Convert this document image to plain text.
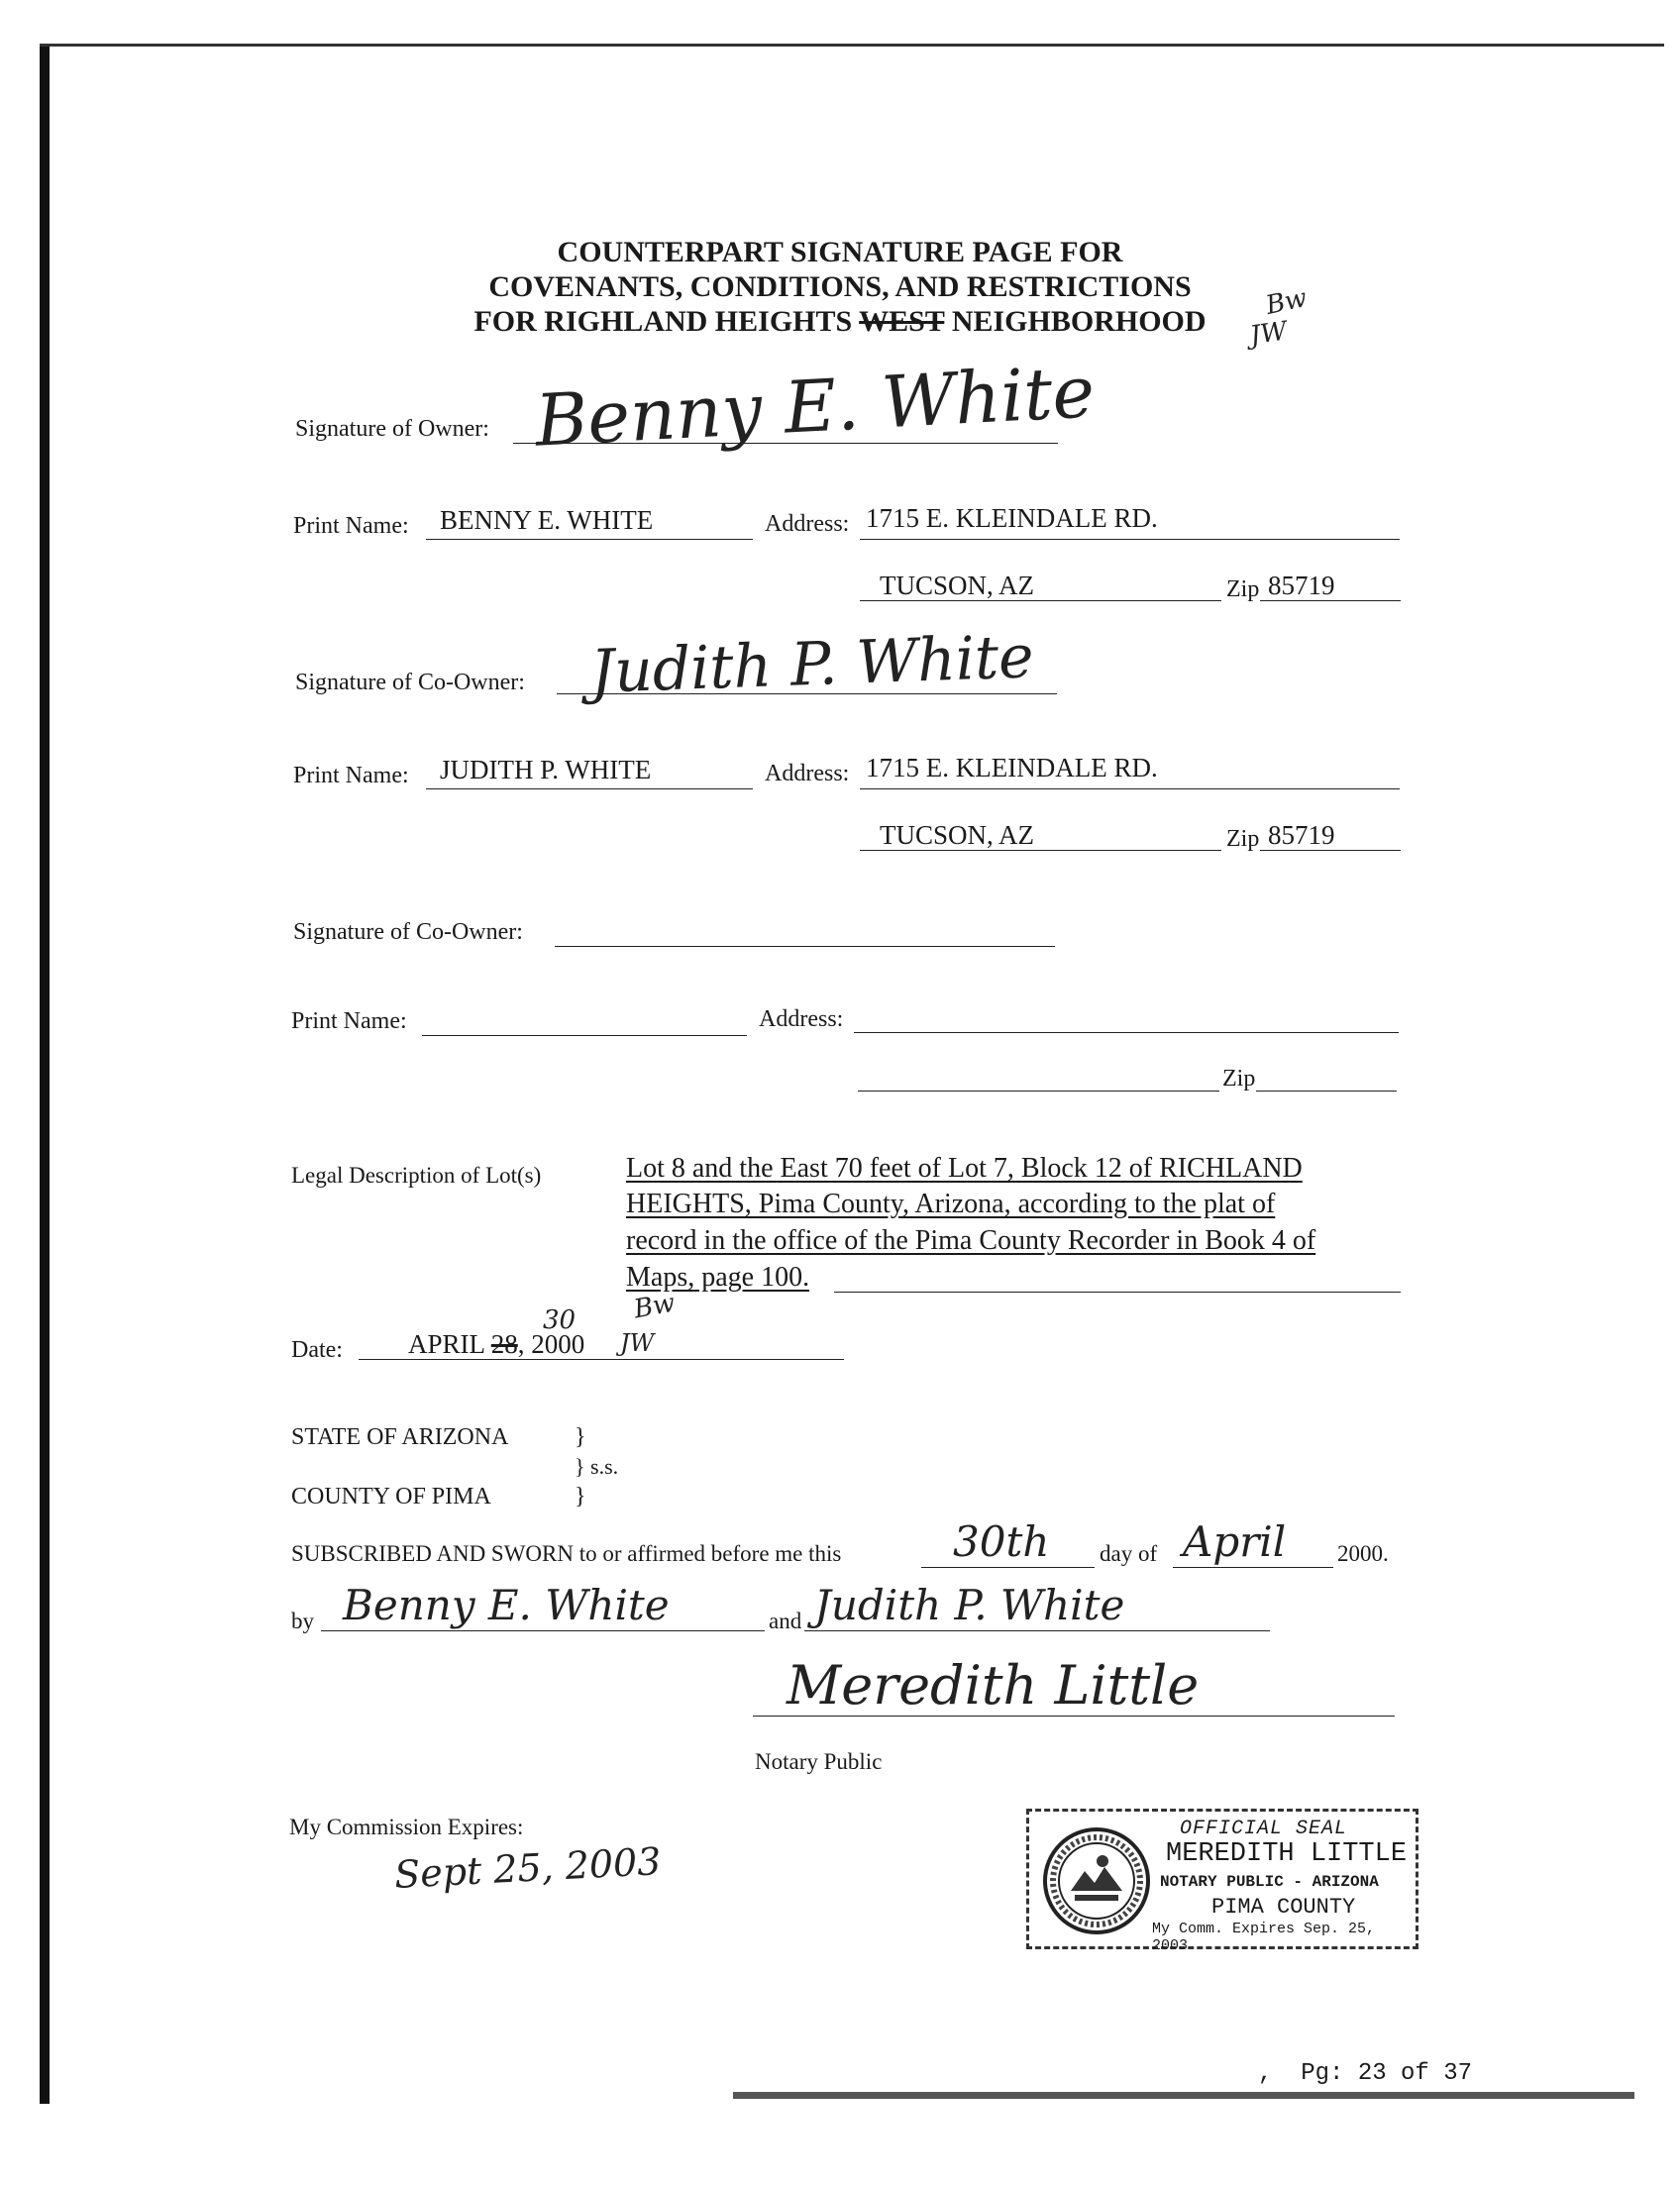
COUNTERPART SIGNATURE PAGE FOR
COVENANTS, CONDITIONS, AND RESTRICTIONS
FOR RIGHLAND HEIGHTS WEST NEIGHBORHOOD
Bw
JW
Signature of Owner: Benny E. White
Print Name: BENNY E. WHITE	Address: 1715 E. KLEINDALE RD.
TUCSON, AZ	Zip 85719
Signature of Co-Owner: Judith P. White
Print Name: JUDITH P. WHITE	Address: 1715 E. KLEINDALE RD.
TUCSON, AZ	Zip 85719
Signature of Co-Owner:
Print Name:	Address:
Zip
Legal Description of Lot(s)	Lot 8 and the East 70 feet of Lot 7, Block 12 of RICHLAND
HEIGHTS, Pima County, Arizona, according to the plat of
record in the office of the Pima County Recorder in Book 4 of
Maps, page 100.
Date: APRIL 28, 2000
30 Bw
JW
STATE OF ARIZONA	}
} s.s.
COUNTY OF PIMA	}
SUBSCRIBED AND SWORN to or affirmed before me this	30th day of April 2000.
by Benny E. White	and Judith P. White
Meredith Little
Notary Public
My Commission Expires:
Sept 25, 2003
OFFICIAL SEAL
MEREDITH LITTLE
NOTARY PUBLIC - ARIZONA
PIMA COUNTY
My Comm. Expires Sep. 25, 2003
,  Pg: 23 of 37
